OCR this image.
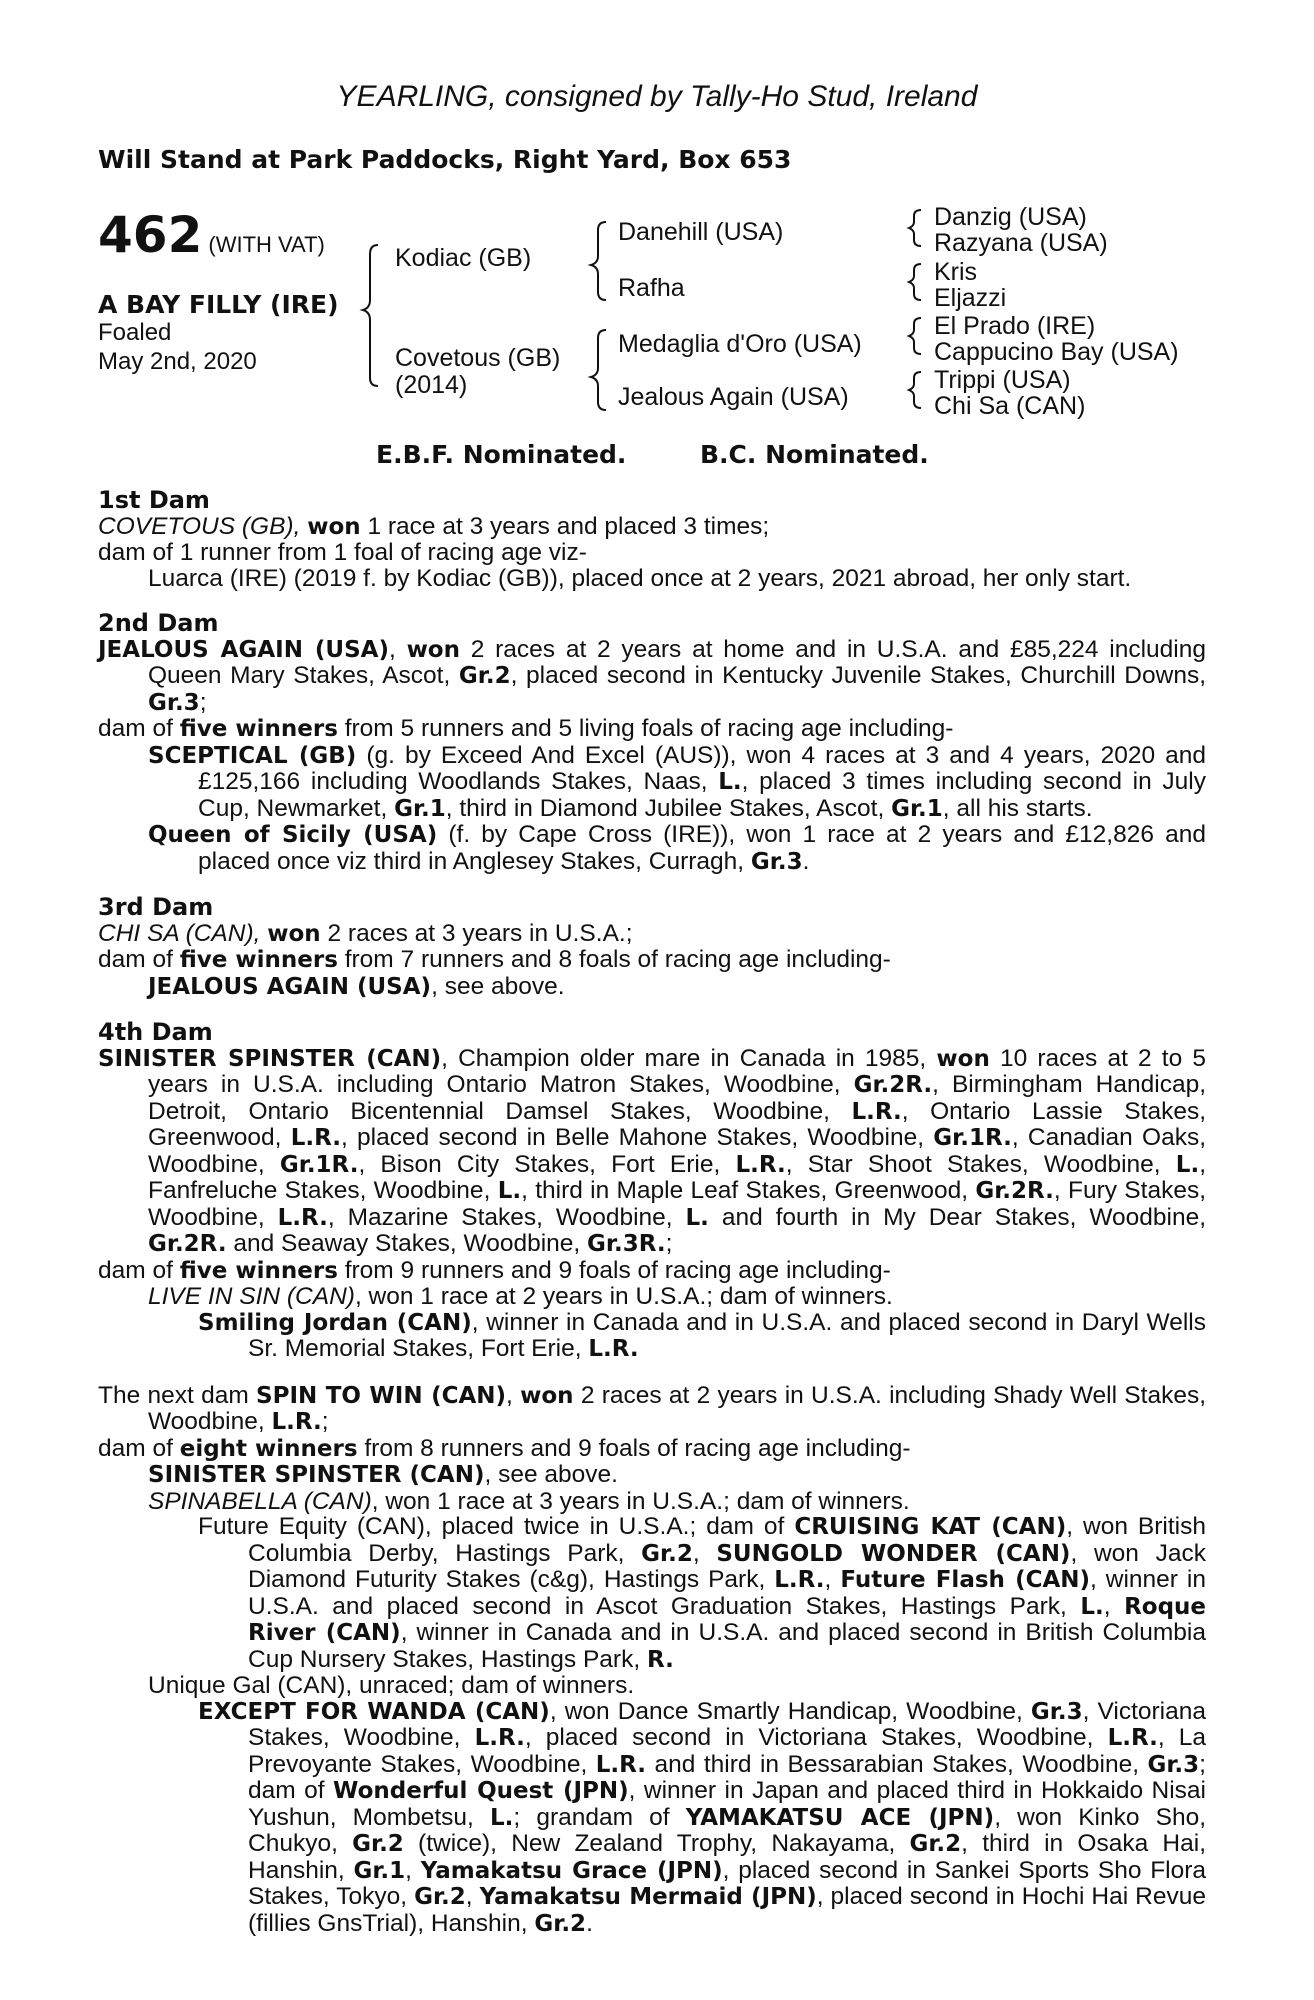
YEARLING, consigned by Tally-Ho Stud, Ireland
Will Stand at Park Paddocks, Right Yard, Box 653
462 (WITH VAT)
A BAY FILLY (IRE)
Foaled
May 2nd, 2020
Kodiac (GB)
Covetous (GB)
(2014)
Danehill (USA)
Rafha
Medaglia d'Oro (USA)
Jealous Again (USA)
Danzig (USA)
Razyana (USA)
Kris
Eljazzi
El Prado (IRE)
Cappucino Bay (USA)
Trippi (USA)
Chi Sa (CAN)
E.B.F. Nominated.	B.C. Nominated.
1st Dam

COVETOUS (GB), won 1 race at 3 years and placed 3 times;

dam of 1 runner from 1 foal of racing age viz-

Luarca (IRE) (2019 f. by Kodiac (GB)), placed once at 2 years, 2021 abroad, her only start.

2nd Dam

JEALOUS AGAIN (USA), won 2 races at 2 years at home and in U.S.A. and £85,224 including Queen Mary Stakes, Ascot, Gr.2, placed second in Kentucky Juvenile Stakes, Churchill Downs, Gr.3;

dam of five winners from 5 runners and 5 living foals of racing age including-

SCEPTICAL (GB) (g. by Exceed And Excel (AUS)), won 4 races at 3 and 4 years, 2020 and £125,166 including Woodlands Stakes, Naas, L., placed 3 times including second in July Cup, Newmarket, Gr.1, third in Diamond Jubilee Stakes, Ascot, Gr.1, all his starts.

Queen of Sicily (USA) (f. by Cape Cross (IRE)), won 1 race at 2 years and £12,826 and placed once viz third in Anglesey Stakes, Curragh, Gr.3.

3rd Dam

CHI SA (CAN), won 2 races at 3 years in U.S.A.;

dam of five winners from 7 runners and 8 foals of racing age including-

JEALOUS AGAIN (USA), see above.

4th Dam

SINISTER SPINSTER (CAN), Champion older mare in Canada in 1985, won 10 races at 2 to 5 years in U.S.A. including Ontario Matron Stakes, Woodbine, Gr.2R., Birmingham Handicap, Detroit, Ontario Bicentennial Damsel Stakes, Woodbine, L.R., Ontario Lassie Stakes, Greenwood, L.R., placed second in Belle Mahone Stakes, Woodbine, Gr.1R., Canadian Oaks, Woodbine, Gr.1R., Bison City Stakes, Fort Erie, L.R., Star Shoot Stakes, Woodbine, L., Fanfreluche Stakes, Woodbine, L., third in Maple Leaf Stakes, Greenwood, Gr.2R., Fury Stakes, Woodbine, L.R., Mazarine Stakes, Woodbine, L. and fourth in My Dear Stakes, Woodbine, Gr.2R. and Seaway Stakes, Woodbine, Gr.3R.;

dam of five winners from 9 runners and 9 foals of racing age including-

LIVE IN SIN (CAN), won 1 race at 2 years in U.S.A.; dam of winners.

Smiling Jordan (CAN), winner in Canada and in U.S.A. and placed second in Daryl Wells Sr. Memorial Stakes, Fort Erie, L.R.

The next dam SPIN TO WIN (CAN), won 2 races at 2 years in U.S.A. including Shady Well Stakes, Woodbine, L.R.;

dam of eight winners from 8 runners and 9 foals of racing age including-

SINISTER SPINSTER (CAN), see above.

SPINABELLA (CAN), won 1 race at 3 years in U.S.A.; dam of winners.

Future Equity (CAN), placed twice in U.S.A.; dam of CRUISING KAT (CAN), won British Columbia Derby, Hastings Park, Gr.2, SUNGOLD WONDER (CAN), won Jack Diamond Futurity Stakes (c&g), Hastings Park, L.R., Future Flash (CAN), winner in U.S.A. and placed second in Ascot Graduation Stakes, Hastings Park, L., Roque River (CAN), winner in Canada and in U.S.A. and placed second in British Columbia Cup Nursery Stakes, Hastings Park, R.

Unique Gal (CAN), unraced; dam of winners.

EXCEPT FOR WANDA (CAN), won Dance Smartly Handicap, Woodbine, Gr.3, Victoriana Stakes, Woodbine, L.R., placed second in Victoriana Stakes, Woodbine, L.R., La Prevoyante Stakes, Woodbine, L.R. and third in Bessarabian Stakes, Woodbine, Gr.3; dam of Wonderful Quest (JPN), winner in Japan and placed third in Hokkaido Nisai Yushun, Mombetsu, L.; grandam of YAMAKATSU ACE (JPN), won Kinko Sho, Chukyo, Gr.2 (twice), New Zealand Trophy, Nakayama, Gr.2, third in Osaka Hai, Hanshin, Gr.1, Yamakatsu Grace (JPN), placed second in Sankei Sports Sho Flora Stakes, Tokyo, Gr.2, Yamakatsu Mermaid (JPN), placed second in Hochi Hai Revue (fillies GnsTrial), Hanshin, Gr.2.
